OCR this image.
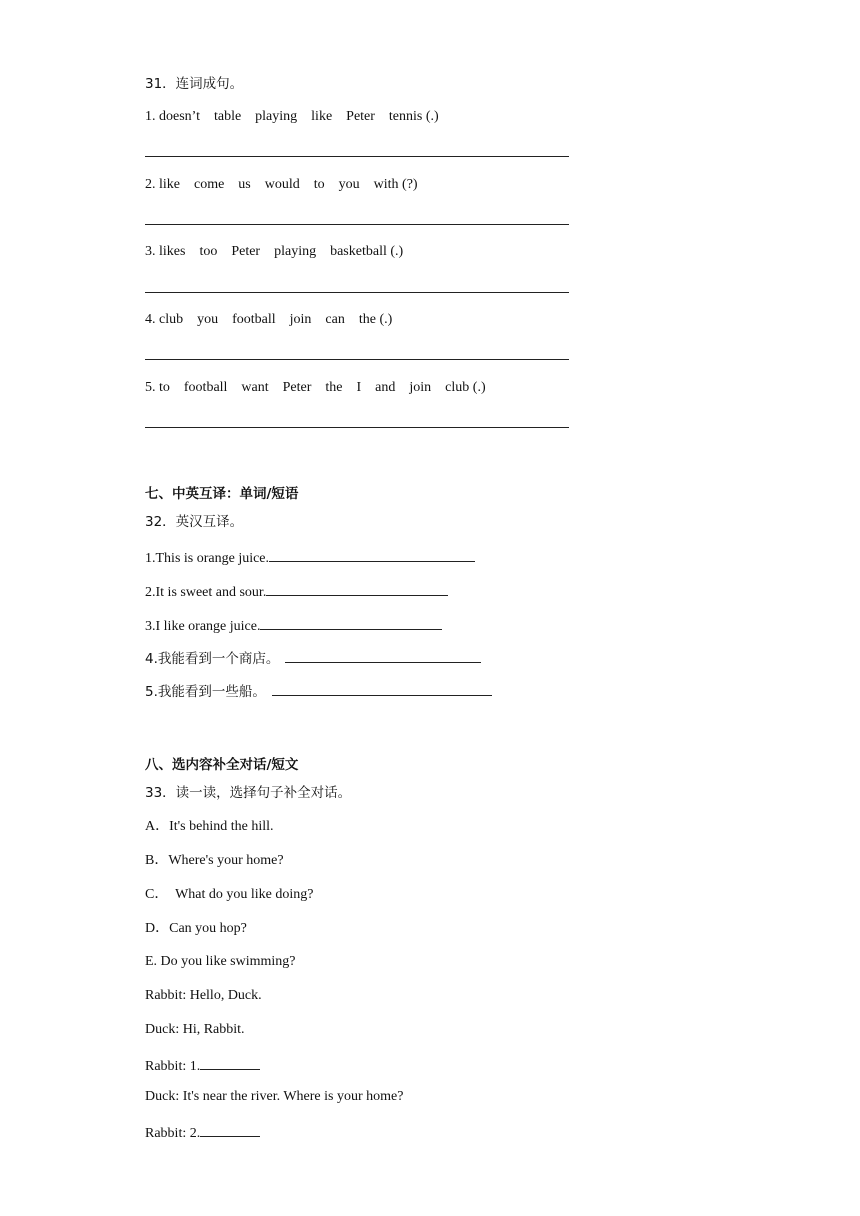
31．连词成句。
1. doesn’t    table    playing    like    Peter    tennis (.)
2. like    come    us    would    to    you    with (?)
3. likes    too    Peter    playing    basketball (.)
4. club    you    football    join    can    the (.)
5. to    football    want    Peter    the    I    and    join    club (.)
七、中英互译：单词/短语
32．英汉互译。
1.This is orange juice.
2.It is sweet and sour.
3.I like orange juice.
4.我能看到一个商店。
5.我能看到一些船。
八、选内容补全对话/短文
33．读一读，选择句子补全对话。
A．It's behind the hill.
B．Where's your home?
C．  What do you like doing?
D．Can you hop?
E. Do you like swimming?
Rabbit: Hello, Duck.
Duck: Hi, Rabbit.
Rabbit: 1.
Duck: It's near the river. Where is your home?
Rabbit: 2.
